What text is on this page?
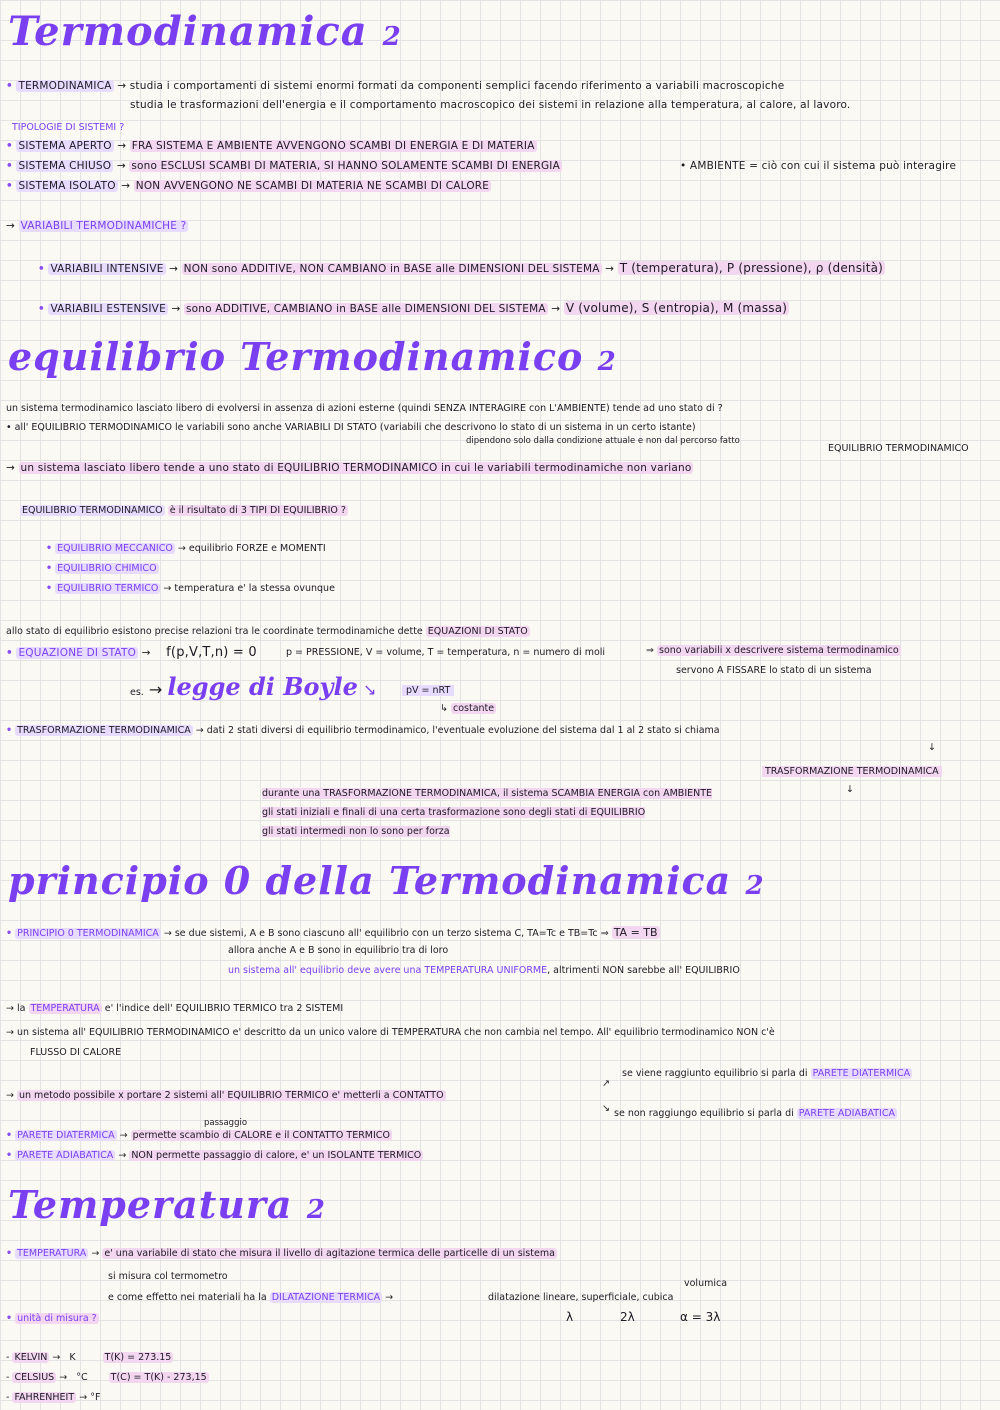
Termodinamica 2
• TERMODINAMICA → studia i comportamenti di sistemi enormi formati da componenti semplici facendo riferimento a variabili macroscopiche
studia le trasformazioni dell'energia e il comportamento macroscopico dei sistemi in relazione alla temperatura, al calore, al lavoro.
TIPOLOGIE DI SISTEMI ?
• SISTEMA APERTO → FRA SISTEMA E AMBIENTE AVVENGONO SCAMBI DI ENERGIA E DI MATERIA
• SISTEMA CHIUSO → sono ESCLUSI SCAMBI DI MATERIA, SI HANNO SOLAMENTE SCAMBI DI ENERGIA
• SISTEMA ISOLATO → NON AVVENGONO NE SCAMBI DI MATERIA NE SCAMBI DI CALORE
• AMBIENTE = ciò con cui il sistema può interagire
→ VARIABILI TERMODINAMICHE ?
• VARIABILI INTENSIVE → NON sono ADDITIVE, NON CAMBIANO in BASE alle DIMENSIONI DEL SISTEMA → T (temperatura), P (pressione), ρ (densità)
• VARIABILI ESTENSIVE → sono ADDITIVE, CAMBIANO in BASE alle DIMENSIONI DEL SISTEMA → V (volume), S (entropia), M (massa)
equilibrio Termodinamico 2
un sistema termodinamico lasciato libero di evolversi in assenza di azioni esterne (quindi SENZA INTERAGIRE con L'AMBIENTE) tende ad uno stato di ?
• all' EQUILIBRIO TERMODINAMICO le variabili sono anche VARIABILI DI STATO (variabili che descrivono lo stato di un sistema in un certo istante)
dipendono solo dalla condizione attuale e non dal percorso fatto
EQUILIBRIO TERMODINAMICO
→ un sistema lasciato libero tende a uno stato di EQUILIBRIO TERMODINAMICO in cui le variabili termodinamiche non variano
EQUILIBRIO TERMODINAMICO è il risultato di 3 TIPI DI EQUILIBRIO ?
• EQUILIBRIO MECCANICO → equilibrio FORZE e MOMENTI
• EQUILIBRIO CHIMICO
• EQUILIBRIO TERMICO → temperatura e' la stessa ovunque
allo stato di equilibrio esistono precise relazioni tra le coordinate termodinamiche dette EQUAZIONI DI STATO
• EQUAZIONE DI STATO → f(p,V,T,n) = 0	p = PRESSIONE, V = volume, T = temperatura, n = numero di moli	⇒ sono variabili x descrivere sistema termodinamico
servono A FISSARE lo stato di un sistema
es. → legge di Boyle ↘	pV = nRT
↳ costante
• TRASFORMAZIONE TERMODINAMICA → dati 2 stati diversi di equilibrio termodinamico, l'eventuale evoluzione del sistema dal 1 al 2 stato si chiama
↓
TRASFORMAZIONE TERMODINAMICA
↓
durante una TRASFORMAZIONE TERMODINAMICA, il sistema SCAMBIA ENERGIA con AMBIENTE
gli stati iniziali e finali di una certa trasformazione sono degli stati di EQUILIBRIO
gli stati intermedi non lo sono per forza
principio 0 della Termodinamica 2
• PRINCIPIO 0 TERMODINAMICA → se due sistemi, A e B sono ciascuno all' equilibrio con un terzo sistema C, TA=Tc e TB=Tc ⇒ TA = TB
allora anche A e B sono in equilibrio tra di loro
un sistema all' equilibrio deve avere una TEMPERATURA UNIFORME, altrimenti NON sarebbe all' EQUILIBRIO
→ la TEMPERATURA e' l'indice dell' EQUILIBRIO TERMICO tra 2 SISTEMI
→ un sistema all' EQUILIBRIO TERMODINAMICO e' descritto da un unico valore di TEMPERATURA che non cambia nel tempo. All' equilibrio termodinamico NON c'è
FLUSSO DI CALORE
→ un metodo possibile x portare 2 sistemi all' EQUILIBRIO TERMICO e' metterli a CONTATTO
↗
↘
se viene raggiunto equilibrio si parla di PARETE DIATERMICA
se non raggiungo equilibrio si parla di PARETE ADIABATICA
passaggio
• PARETE DIATERMICA → permette scambio di CALORE e il CONTATTO TERMICO
• PARETE ADIABATICA → NON permette passaggio di calore, e' un ISOLANTE TERMICO
Temperatura 2
• TEMPERATURA → e' una variabile di stato che misura il livello di agitazione termica delle particelle di un sistema
si misura col termometro
volumica
e come effetto nei materiali ha la DILATAZIONE TERMICA →	dilatazione lineare, superficiale, cubica
λ	2λ	α = 3λ
• unità di misura ?
- KELVIN → K	T(K) = 273.15
- CELSIUS → °C T(C) = T(K) - 273,15
- FAHRENHEIT → °F
